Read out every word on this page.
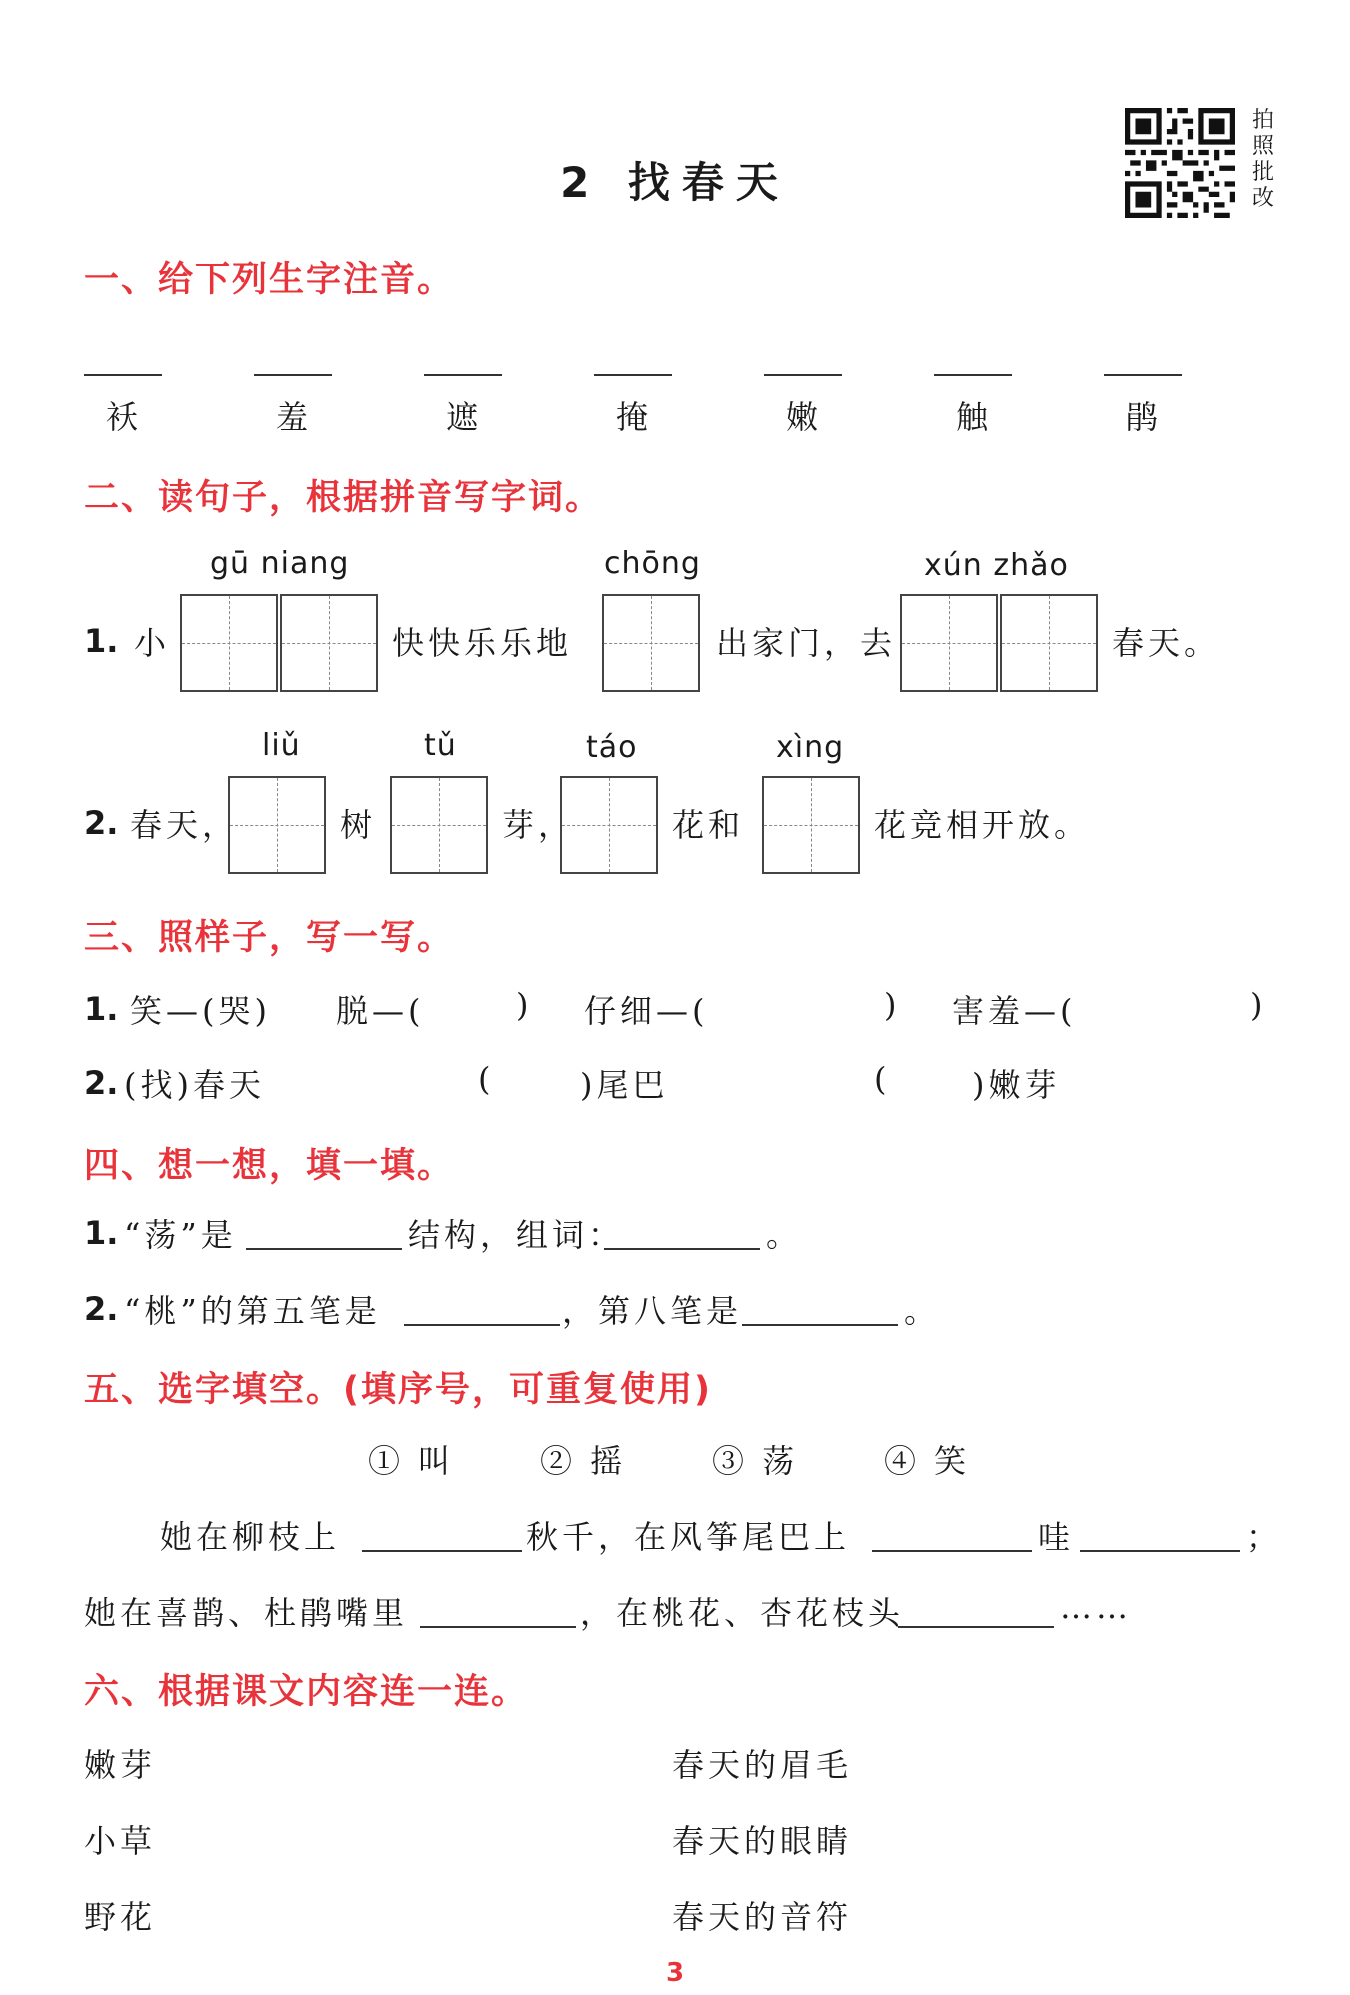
2 找春天
拍
照
批
改
一、给下列生字注音。
袄	羞	遮	掩	嫩	触	鹃
二、读句子，根据拼音写字词。
gū niang	chōng	xún zhǎo
1. 小	快快乐乐地	出家门，去	春天。
liǔ	tǔ	táo	xìng
2. 春天，	树	芽，	花和	花竞相开放。
三、照样子，写一写。
1. 笑—(哭) 脱—(	) 仔细—(	) 害羞—(	)
2. (找)春天	(	)尾巴	(	)嫩芽
四、想一想，填一填。
1. “荡”是	结构，组词：	。
2. “桃”的第五笔是	，第八笔是	。
五、选字填空。(填序号，可重复使用)
① 叫	② 摇	③ 荡	④ 笑
她在柳枝上	秋千，在风筝尾巴上	哇	；
她在喜鹊、杜鹃嘴里	，在桃花、杏花枝头	……
六、根据课文内容连一连。
嫩芽
小草
野花
春天的眉毛
春天的眼睛
春天的音符
3
